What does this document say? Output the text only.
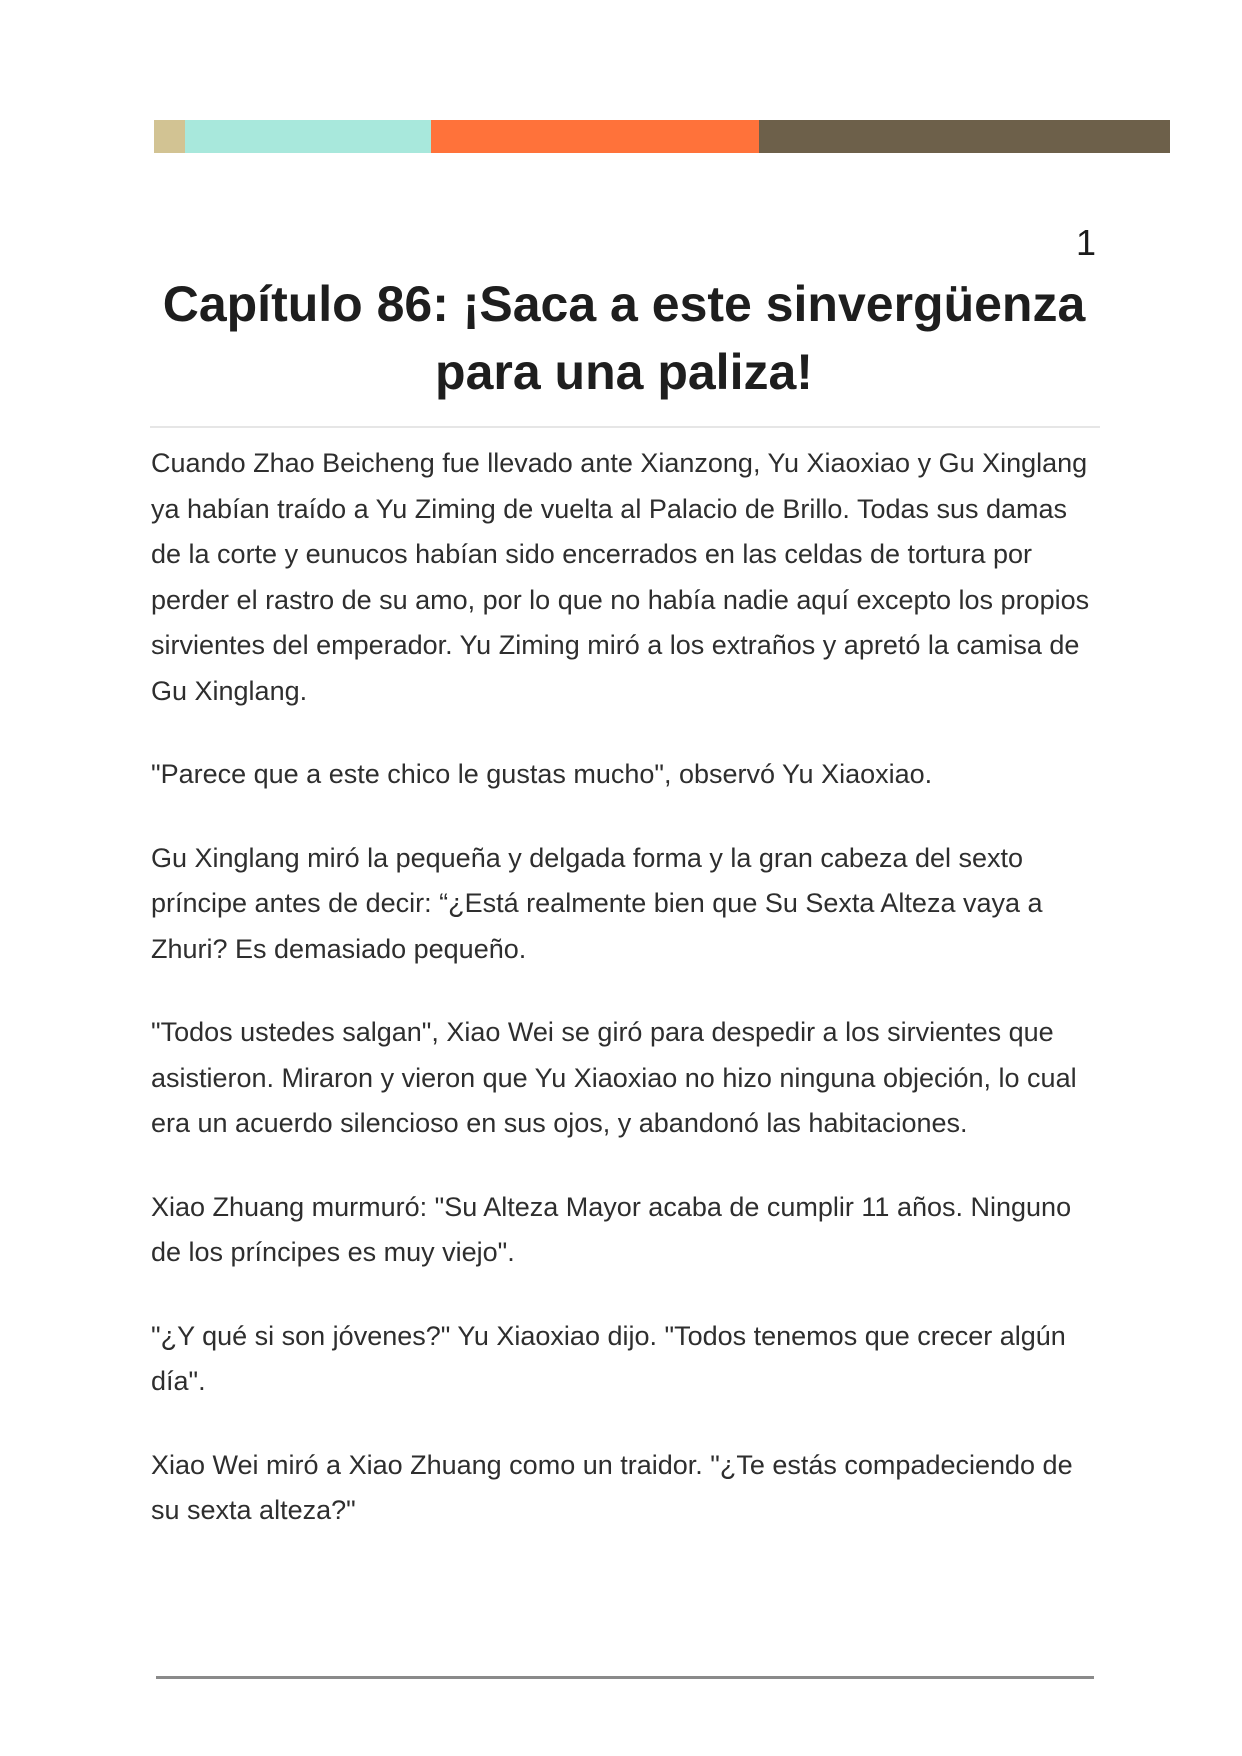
1
Capítulo 86: ¡Saca a este sinvergüenza
para una paliza!

Cuando Zhao Beicheng fue llevado ante Xianzong, Yu Xiaoxiao y Gu Xinglang ya habían traído a Yu Ziming de vuelta al Palacio de Brillo. Todas sus damas de la corte y eunucos habían sido encerrados en las celdas de tortura por perder el rastro de su amo, por lo que no había nadie aquí excepto los propios sirvientes del emperador. Yu Ziming miró a los extraños y apretó la camisa de Gu Xinglang.

"Parece que a este chico le gustas mucho", observó Yu Xiaoxiao.

Gu Xinglang miró la pequeña y delgada forma y la gran cabeza del sexto príncipe antes de decir: “¿Está realmente bien que Su Sexta Alteza vaya a Zhuri? Es demasiado pequeño.

"Todos ustedes salgan", Xiao Wei se giró para despedir a los sirvientes que asistieron. Miraron y vieron que Yu Xiaoxiao no hizo ninguna objeción, lo cual era un acuerdo silencioso en sus ojos, y abandonó las habitaciones.

Xiao Zhuang murmuró: "Su Alteza Mayor acaba de cumplir 11 años. Ninguno de los príncipes es muy viejo".

"¿Y qué si son jóvenes?" Yu Xiaoxiao dijo. "Todos tenemos que crecer algún día".

Xiao Wei miró a Xiao Zhuang como un traidor. "¿Te estás compadeciendo de su sexta alteza?"
